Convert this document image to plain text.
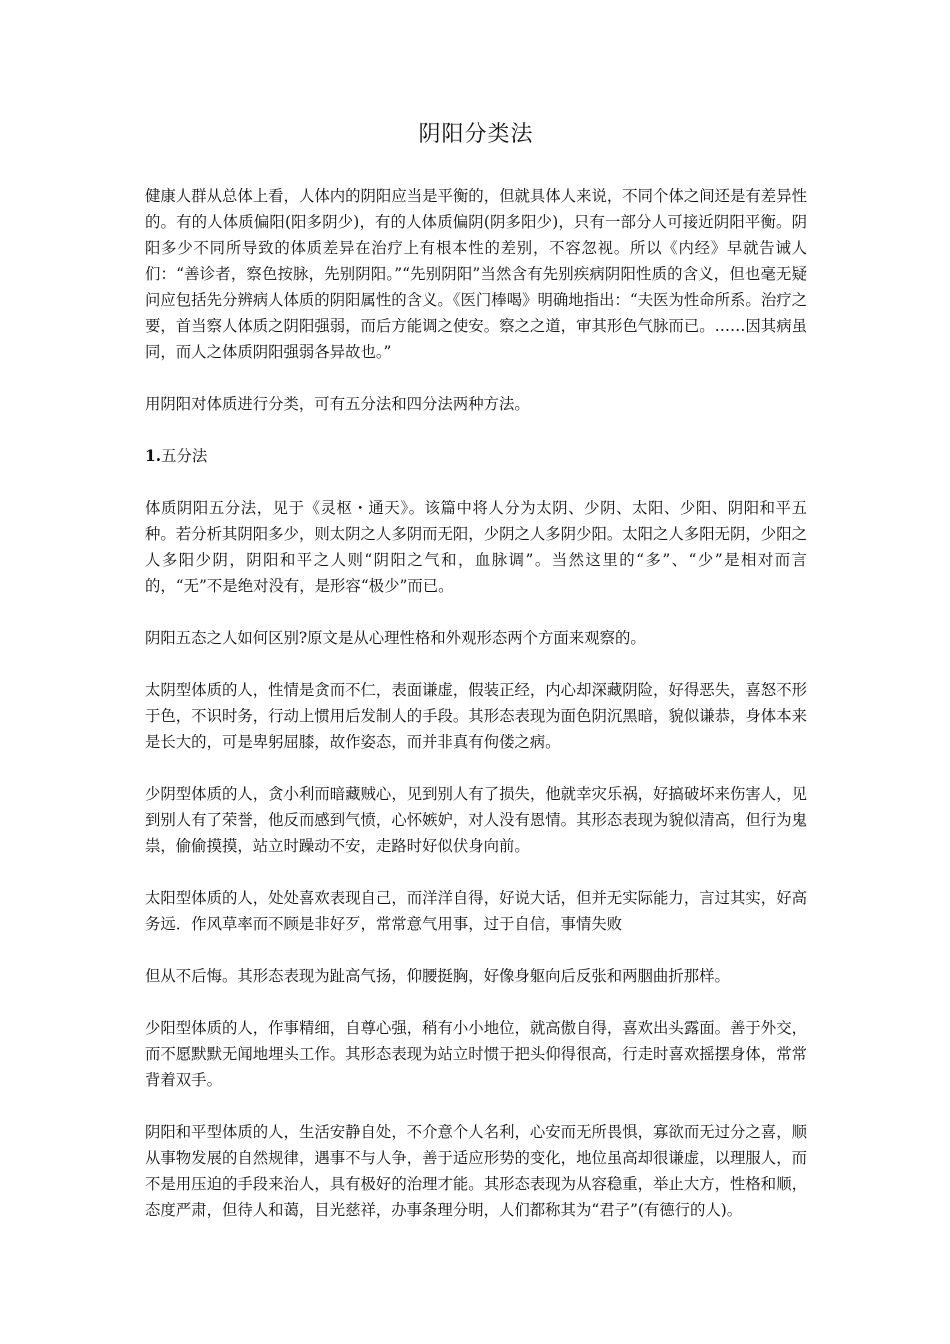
阴阳分类法

健康人群从总体上看，人体内的阴阳应当是平衡的，但就具体人来说，不同个体之间还是有差异性的。有的人体质偏阳(阳多阴少)，有的人体质偏阴(阴多阳少)，只有一部分人可接近阴阳平衡。阴阳多少不同所导致的体质差异在治疗上有根本性的差别，不容忽视。所以《内经》早就告诫人们：“善诊者，察色按脉，先别阴阳。”“先别阴阳”当然含有先别疾病阴阳性质的含义，但也毫无疑问应包括先分辨病人体质的阴阳属性的含义。《医门棒喝》明确地指出：“夫医为性命所系。治疗之要，首当察人体质之阴阳强弱，而后方能调之使安。察之之道，审其形色气脉而已。……因其病虽同，而人之体质阴阳强弱各异故也。”

用阴阳对体质进行分类，可有五分法和四分法两种方法。

1.五分法

体质阴阳五分法，见于《灵枢・通天》。该篇中将人分为太阴、少阴、太阳、少阳、阴阳和平五种。若分析其阴阳多少，则太阴之人多阴而无阳，少阴之人多阴少阳。太阳之人多阳无阴，少阳之人多阳少阴，阴阳和平之人则“阴阳之气和，血脉调”。当然这里的“多”、“少”是相对而言的，“无”不是绝对没有，是形容“极少”而已。

阴阳五态之人如何区别?原文是从心理性格和外观形态两个方面来观察的。

太阴型体质的人，性情是贪而不仁，表面谦虚，假装正经，内心却深藏阴险，好得恶失，喜怒不形于色，不识时务，行动上惯用后发制人的手段。其形态表现为面色阴沉黑暗，貌似谦恭，身体本来是长大的，可是卑躬屈膝，故作姿态，而并非真有佝偻之病。

少阴型体质的人，贪小利而暗藏贼心，见到别人有了损失，他就幸灾乐祸，好搞破坏来伤害人，见到别人有了荣誉，他反而感到气愤，心怀嫉妒，对人没有恩情。其形态表现为貌似清高，但行为鬼祟，偷偷摸摸，站立时躁动不安，走路时好似伏身向前。

太阳型体质的人，处处喜欢表现自己，而洋洋自得，好说大话，但并无实际能力，言过其实，好高务远．作风草率而不顾是非好歹，常常意气用事，过于自信，事情失败

但从不后悔。其形态表现为趾高气扬，仰腰挺胸，好像身躯向后反张和两胭曲折那样。

少阳型体质的人，作事精细，自尊心强，稍有小小地位，就高傲自得，喜欢出头露面。善于外交，而不愿默默无闻地埋头工作。其形态表现为站立时惯于把头仰得很高，行走时喜欢摇摆身体，常常背着双手。

阴阳和平型体质的人，生活安静自处，不介意个人名利，心安而无所畏惧，寡欲而无过分之喜，顺从事物发展的自然规律，遇事不与人争，善于适应形势的变化，地位虽高却很谦虚，以理服人，而不是用压迫的手段来治人，具有极好的治理才能。其形态表现为从容稳重，举止大方，性格和顺，态度严肃，但待人和蔼，目光慈祥，办事条理分明，人们都称其为“君子”(有德行的人)。
